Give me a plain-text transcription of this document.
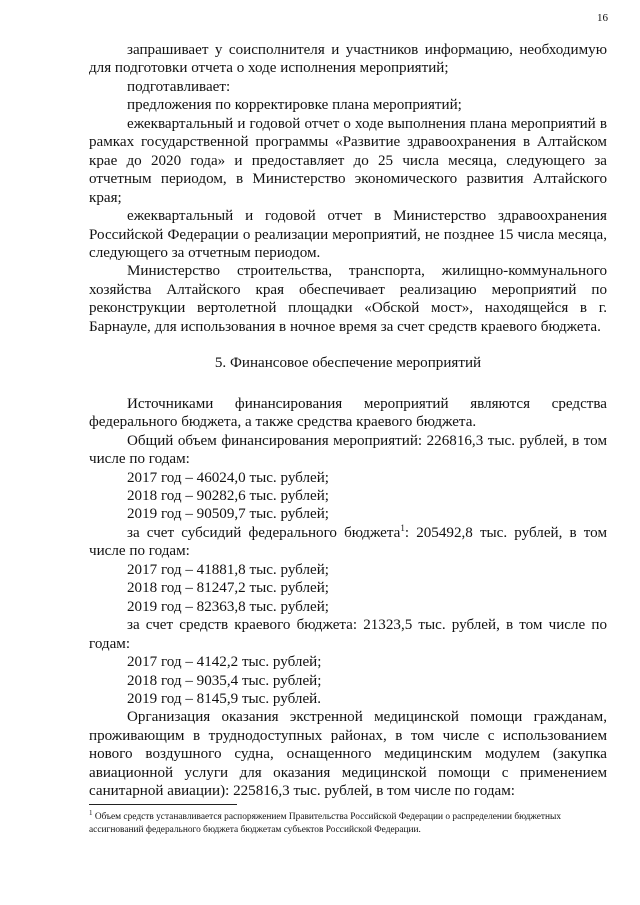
16

запрашивает у соисполнителя и участников информацию, необходимую для подготовки отчета о ходе исполнения мероприятий;

подготавливает:

предложения по корректировке плана мероприятий;

ежеквартальный и годовой отчет о ходе выполнения плана мероприятий в рамках государственной программы «Развитие здравоохранения в Алтайском крае до 2020 года» и предоставляет до 25 числа месяца, следующего за отчетным периодом, в Министерство экономического развития Алтайского края;

ежеквартальный и годовой отчет в Министерство здравоохранения Российской Федерации о реализации мероприятий, не позднее 15 числа месяца, следующего за отчетным периодом.

Министерство строительства, транспорта, жилищно-коммунального хозяйства Алтайского края обеспечивает реализацию мероприятий по реконструкции вертолетной площадки «Обской мост», находящейся в г. Барнауле, для использования в ночное время за счет средств краевого бюджета.

5. Финансовое обеспечение мероприятий

Источниками финансирования мероприятий являются средства федерального бюджета, а также средства краевого бюджета.

Общий объем финансирования мероприятий: 226816,3 тыс. рублей, в том числе по годам:

2017 год – 46024,0 тыс. рублей;

2018 год – 90282,6 тыс. рублей;

2019 год – 90509,7 тыс. рублей;

за счет субсидий федерального бюджета$^1$: 205492,8 тыс. рублей, в том числе по годам:

2017 год – 41881,8 тыс. рублей;

2018 год – 81247,2 тыс. рублей;

2019 год – 82363,8 тыс. рублей;

за счет средств краевого бюджета: 21323,5 тыс. рублей, в том числе по годам:

2017 год – 4142,2 тыс. рублей;

2018 год – 9035,4 тыс. рублей;

2019 год – 8145,9 тыс. рублей.

Организация оказания экстренной медицинской помощи гражданам, проживающим в труднодоступных районах, в том числе с использованием нового воздушного судна, оснащенного медицинским модулем (закупка авиационной услуги для оказания медицинской помощи с применением санитарной авиации): 225816,3 тыс. рублей, в том числе по годам:

$^1$ Объем средств устанавливается распоряжением Правительства Российской Федерации о распределении бюджетных ассигнований федерального бюджета бюджетам субъектов Российской Федерации.
